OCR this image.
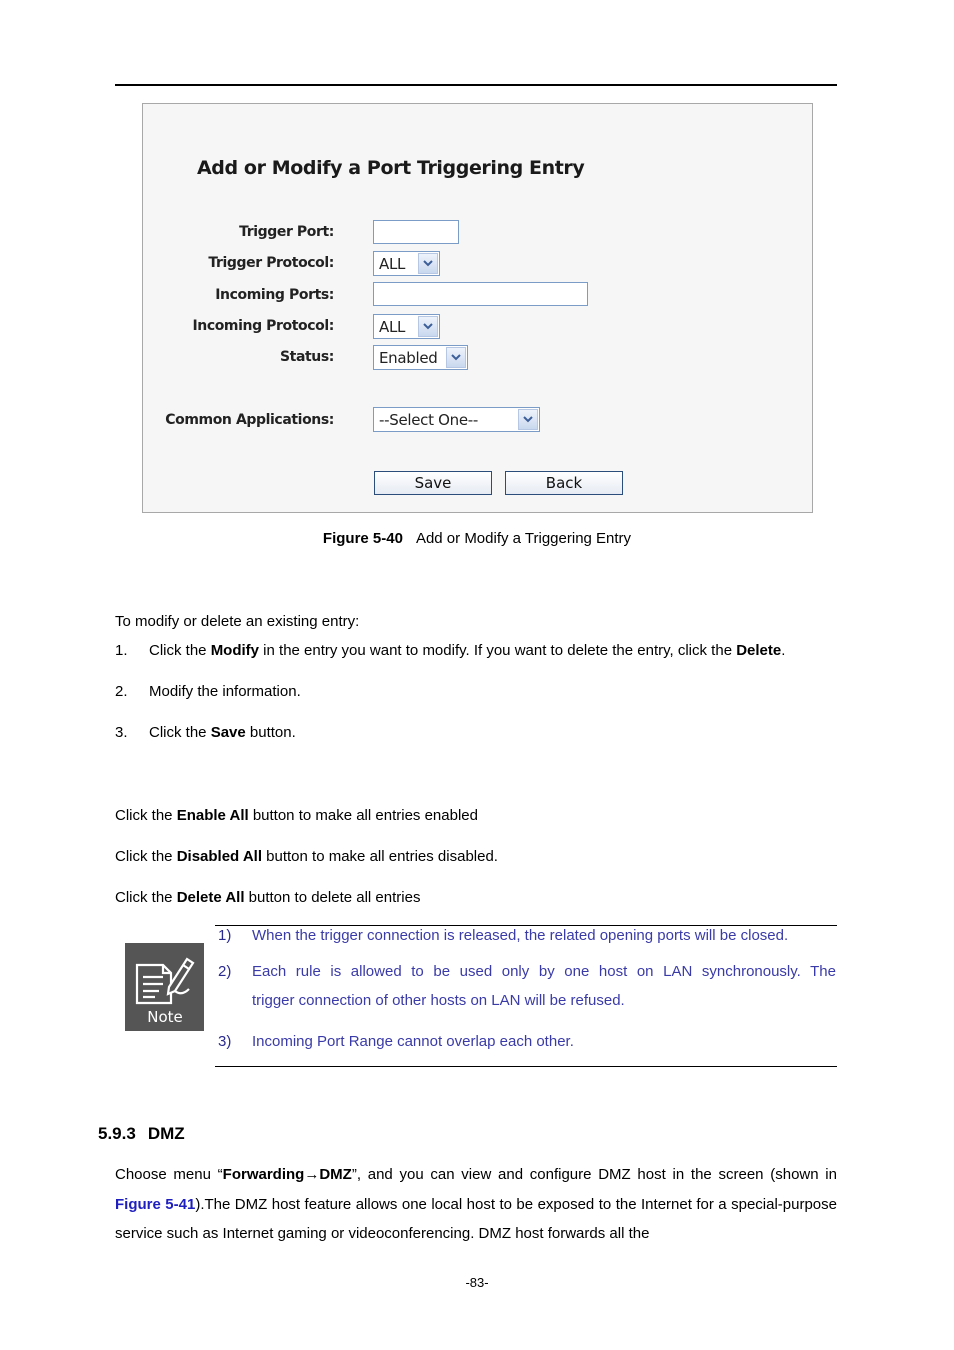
Add or Modify a Port Triggering Entry
Trigger Port:
Trigger Protocol:	ALL
Incoming Ports:
Incoming Protocol:	ALL
Status:	Enabled
Common Applications:	--Select One--
Save	Back
Figure 5-40 Add or Modify a Triggering Entry
To modify or delete an existing entry:
1. Click the Modify in the entry you want to modify. If you want to delete the entry, click the Delete.
2. Modify the information.
3. Click the Save button.
Click the Enable All button to make all entries enabled
Click the Disabled All button to make all entries disabled.
Click the Delete All button to delete all entries
Note
1) When the trigger connection is released, the related opening ports will be closed.
2) Each rule is allowed to be used only by one host on LAN synchronously. The
trigger connection of other hosts on LAN will be refused.
3) Incoming Port Range cannot overlap each other.
5.9.3 DMZ
Choose menu “Forwarding→DMZ”, and you can view and configure DMZ host in the screen (shown in Figure 5-41).The DMZ host feature allows one local host to be exposed to the Internet for a special-purpose service such as Internet gaming or videoconferencing. DMZ host forwards all the
-83-
